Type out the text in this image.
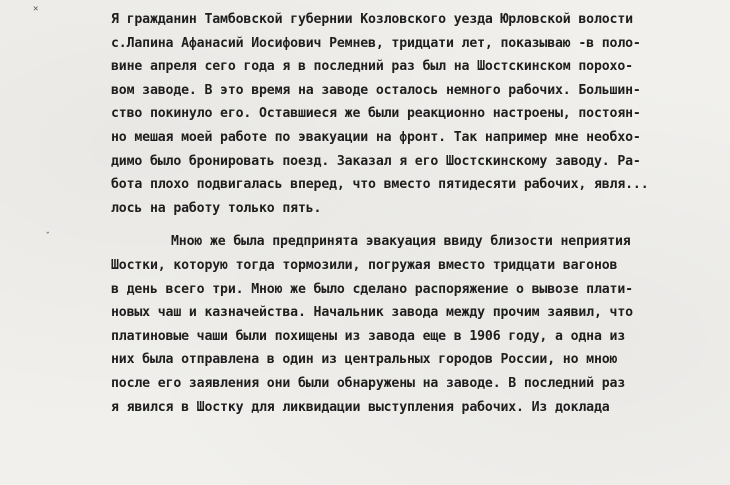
✕
ˇ
Я гражданин Тамбовской губернии Козловского уезда Юрловской волости
с.Лапина Афанасий Иосифович Ремнев, тридцати лет, показываю -в поло-
вине апреля сего года я в последний раз был на Шостскинском порохо-
вом заводе. В это время на заводе осталось немного рабочих. Большин-
ство покинуло его. Оставшиеся же были реакционно настроены, постоян-
но мешая моей работе по эвакуации на фронт. Так например мне необхо-
димо было бронировать поезд. Заказал я его Шостскинскому заводу. Ра-
бота плохо подвигалась вперед, что вместо пятидесяти рабочих, явля...
лось на работу только пять.
Мною же была предпринята эвакуация ввиду близости неприятия
Шостки, которую тогда тормозили, погружая вместо тридцати вагонов
в день всего три. Мною же было сделано распоряжение о вывозе плати-
новых чаш и казначейства. Начальник завода между прочим заявил, что
платиновые чаши были похищены из завода еще в 1906 году, а одна из
них была отправлена в один из центральных городов России, но мною
после его заявления они были обнаружены на заводе. В последний раз
я явился в Шостку для ликвидации выступления рабочих. Из доклада
